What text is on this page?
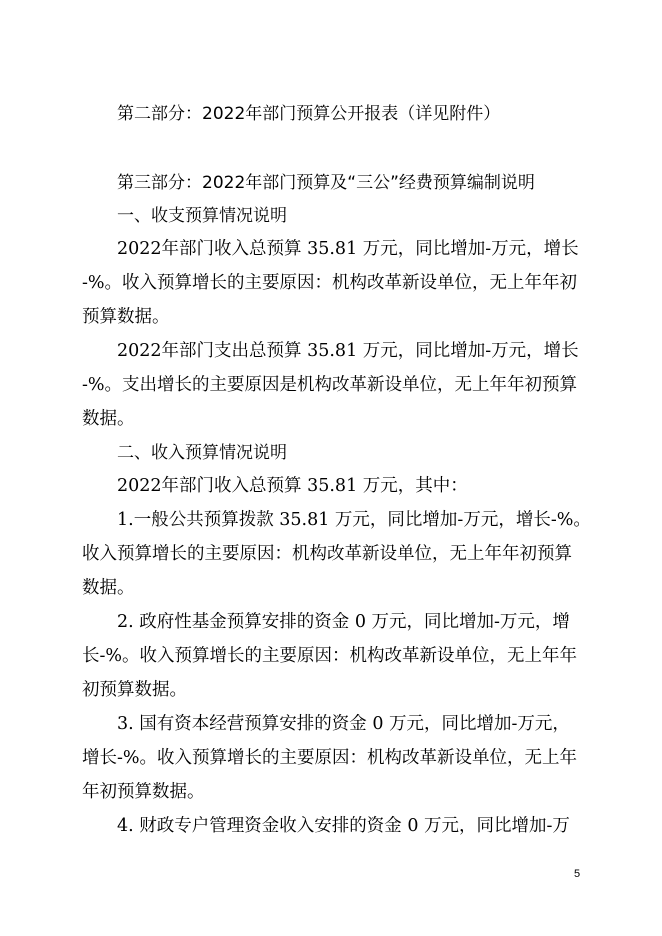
第二部分：2022年部门预算公开报表（详见附件）
第三部分：2022年部门预算及“三公”经费预算编制说明
一、收支预算情况说明
2022年部门收入总预算 35.81 万元，同比增加-万元，增长
-%。收入预算增长的主要原因：机构改革新设单位，无上年年初
预算数据。
2022年部门支出总预算 35.81 万元，同比增加-万元，增长
-%。支出增长的主要原因是机构改革新设单位，无上年年初预算
数据。
二、收入预算情况说明
2022年部门收入总预算 35.81 万元，其中：
1.一般公共预算拨款 35.81 万元，同比增加-万元，增长-%。
收入预算增长的主要原因：机构改革新设单位，无上年年初预算
数据。
2. 政府性基金预算安排的资金 0 万元，同比增加-万元，增
长-%。收入预算增长的主要原因：机构改革新设单位，无上年年
初预算数据。
3. 国有资本经营预算安排的资金 0 万元，同比增加-万元，
增长-%。收入预算增长的主要原因：机构改革新设单位，无上年
年初预算数据。
4. 财政专户管理资金收入安排的资金 0 万元，同比增加-万
5
